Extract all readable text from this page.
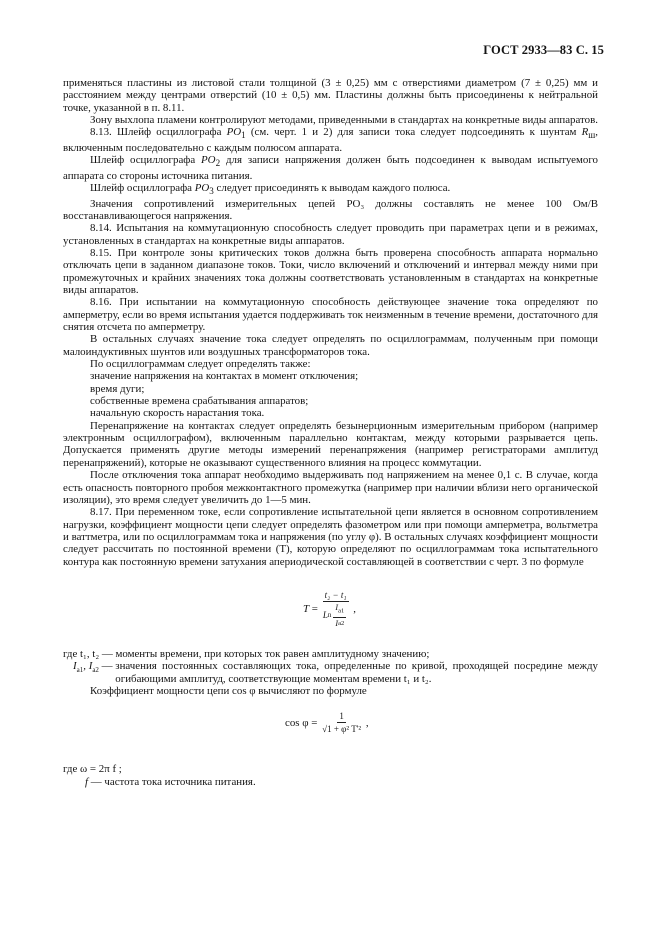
ГОСТ 2933—83 С. 15

применяться пластины из листовой стали толщиной (3 ± 0,25) мм с отверстиями диаметром (7 ± 0,25) мм и расстоянием между центрами отверстий (10 ± 0,5) мм. Пластины должны быть присоединены к нейтральной точке, указанной в п. 8.11.

Зону выхлопа пламени контролируют методами, приведенными в стандартах на конкретные виды аппаратов.

8.13. Шлейф осциллографа $PO_1$ (см. черт. 1 и 2) для записи тока следует подсоединять к шунтам $R_ш$, включенным последовательно с каждым полюсом аппарата.

Шлейф осциллографа $PO_2$ для записи напряжения должен быть подсоединен к выводам испытуемого аппарата со стороны источника питания.

Шлейф осциллографа $PO_3$ следует присоединять к выводам каждого полюса.

Значения сопротивлений измерительных цепей PO₃ должны составлять не менее 100 Ом/В восстанавливающегося напряжения.

8.14. Испытания на коммутационную способность следует проводить при параметрах цепи и в режимах, установленных в стандартах на конкретные виды аппаратов.

8.15. При контроле зоны критических токов должна быть проверена способность аппарата нормально отключать цепи в заданном диапазоне токов. Токи, число включений и отключений и интервал между ними при промежуточных и крайних значениях тока должны соответствовать установленным в стандартах на конкретные виды аппаратов.

8.16. При испытании на коммутационную способность действующее значение тока определяют по амперметру, если во время испытания удается поддерживать ток неизменным в течение времени, достаточного для снятия отсчета по амперметру.

В остальных случаях значение тока следует определять по осциллограммам, полученным при помощи малоиндуктивных шунтов или воздушных трансформаторов тока.

По осциллограммам следует определять также:

значение напряжения на контактах в момент отключения;

время дуги;

собственные времена срабатывания аппаратов;

начальную скорость нарастания тока.

Перенапряжение на контактах следует определять безынерционным измерительным прибором (например электронным осциллографом), включенным параллельно контактам, между которыми разрывается цепь. Допускается применять другие методы измерений перенапряжения (например регистраторами амплитуд перенапряжений), которые не оказывают существенного влияния на процесс коммутации.

После отключения тока аппарат необходимо выдерживать под напряжением на менее 0,1 с. В случае, когда есть опасность повторного пробоя межконтактного промежутка (например при наличии вблизи него органической изоляции), это время следует увеличить до 1—5 мин.

8.17. При переменном токе, если сопротивление испытательной цепи является в основном сопротивлением нагрузки, коэффициент мощности цепи следует определять фазометром или при помощи амперметра, вольтметра и ваттметра, или по осциллограммам тока и напряжения (по углу φ). В остальных случаях коэффициент мощности следует рассчитать по постоянной времени (T), которую определяют по осциллограммам тока испытательного контура как постоянную времени затухания апериодической составляющей в соответствии с черт. 3 по формуле

$T = \frac{\text{t₂ − t₁}}{L n \frac{I_{a1}}{\text{I a2}}}$ ,
где t₁, t₂ — моменты времени, при которых ток равен амплитудному значению;
$I_{a1}$, $I_{a2}$ — значения постоянных составляющих тока, определенные по кривой, проходящей посредине между огибающими амплитуд, соответствующие моментам времени t₁ и t₂.

Коэффициент мощности цепи cos φ вычисляют по формуле

$\cos \varphi = \frac{1}{\text{√1 + φ² T'²}}$ ,

где ω = 2π f ;

f — частота тока источника питания.
